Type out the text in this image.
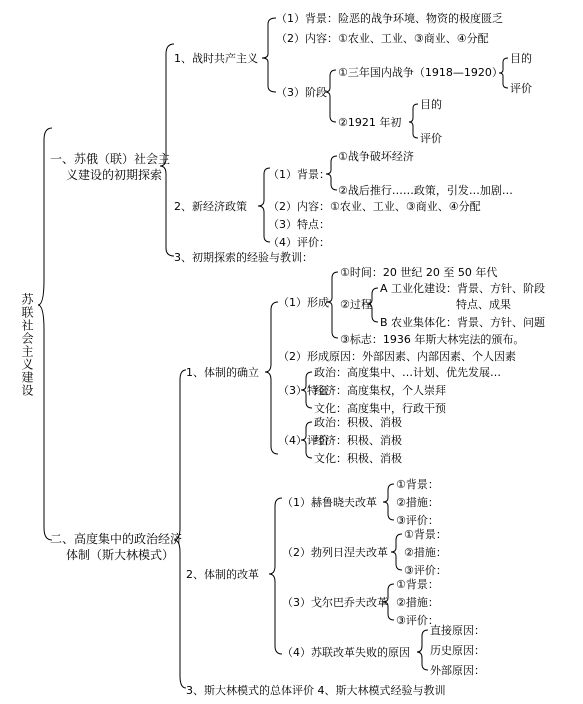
苏联社会主义建设
一、苏俄（联）社会主
义建设的初期探索
1、战时共产主义
（1）背景：险恶的战争环境、物资的极度匮乏
（2）内容：①农业、工业、③商业、④分配
（3）阶段
①三年国内战争（1918—1920）
目的
评价
②1921 年初
目的
评价
2、新经济政策
（1）背景：
①战争破坏经济
②战后推行……政策，引发…加剧…
（2）内容：①农业、工业、③商业、④分配
（3）特点：
（4）评价：
3、初期探索的经验与教训：
二、高度集中的政治经济
体制（斯大林模式）
1、体制的确立
（1）形成
①时间：20 世纪 20 至 50 年代
②过程
A 工业化建设：背景、方针、阶段
特点、成果
B 农业集体化：背景、方针、问题
③标志：1936 年斯大林宪法的颁布。
（2）形成原因：外部因素、内部因素、个人因素
（3）特征
政治：高度集中、…计划、优先发展…
经济：高度集权，个人崇拜
文化：高度集中，行政干预
（4）评价
政治：积极、消极
经济：积极、消极
文化：积极、消极
2、体制的改革
（1）赫鲁晓夫改革
①背景：
②措施：
③评价：
（2）勃列日涅夫改革
①背景：
②措施：
③评价：
（3）戈尔巴乔夫改革
①背景：
②措施：
③评价：
（4）苏联改革失败的原因
直接原因：
历史原因：
外部原因：
3、斯大林模式的总体评价 4、斯大林模式经验与教训
